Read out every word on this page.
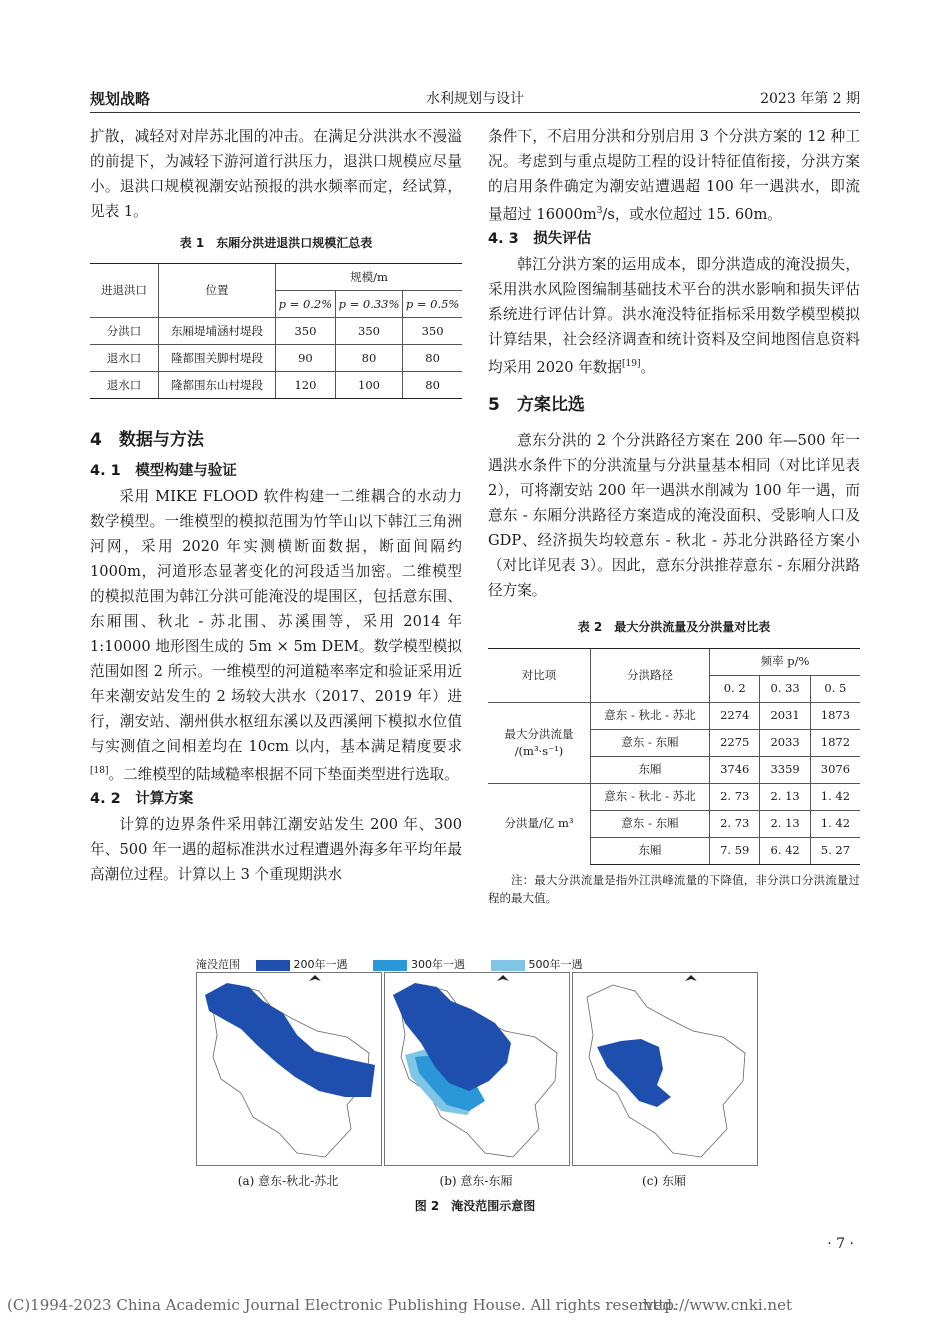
规划战略	水利规划与设计	2023 年第 2 期

扩散，减轻对对岸苏北围的冲击。在满足分洪洪水不漫溢的前提下，为减轻下游河道行洪压力，退洪口规模应尽量小。退洪口规模视潮安站预报的洪水频率而定，经试算，见表 1。

表 1　东厢分洪进退洪口规模汇总表
进退洪口	位置	规模/m		
		p = 0.2%	p = 0.33%	p = 0.5%
分洪口	东厢堤埔涵村堤段	350	350	350
退水口	隆都围关脚村堤段	90	80	80
退水口	隆都围东山村堤段	120	100	80
4　数据与方法
4. 1　模型构建与验证

采用 MIKE FLOOD 软件构建一二维耦合的水动力数学模型。一维模型的模拟范围为竹竿山以下韩江三角洲河网，采用 2020 年实测横断面数据，断面间隔约 1000m，河道形态显著变化的河段适当加密。二维模型的模拟范围为韩江分洪可能淹没的堤围区，包括意东围、东厢围、秋北 - 苏北围、苏溪围等，采用 2014 年 1:10000 地形图生成的 5m × 5m DEM。数学模型模拟范围如图 2 所示。一维模型的河道糙率率定和验证采用近年来潮安站发生的 2 场较大洪水（2017、2019 年）进行，潮安站、潮州供水枢纽东溪以及西溪闸下模拟水位值与实测值之间相差均在 10cm 以内，基本满足精度要求[18]。二维模型的陆域糙率根据不同下垫面类型进行选取。

4. 2　计算方案

计算的边界条件采用韩江潮安站发生 200 年、300 年、500 年一遇的超标准洪水过程遭遇外海多年平均年最高潮位过程。计算以上 3 个重现期洪水

条件下，不启用分洪和分别启用 3 个分洪方案的 12 种工况。考虑到与重点堤防工程的设计特征值衔接，分洪方案的启用条件确定为潮安站遭遇超 100 年一遇洪水，即流量超过 $16000m^3/s$，或水位超过 15. 60m。

4. 3　损失评估

韩江分洪方案的运用成本，即分洪造成的淹没损失，采用洪水风险图编制基础技术平台的洪水影响和损失评估系统进行评估计算。洪水淹没特征指标采用数学模型模拟计算结果，社会经济调查和统计资料及空间地图信息资料均采用 2020 年数据[19]。

5　方案比选

意东分洪的 2 个分洪路径方案在 200 年—500 年一遇洪水条件下的分洪流量与分洪量基本相同（对比详见表 2），可将潮安站 200 年一遇洪水削减为 100 年一遇，而意东 - 东厢分洪路径方案造成的淹没面积、受影响人口及 GDP、经济损失均较意东 - 秋北 - 苏北分洪路径方案小（对比详见表 3）。因此，意东分洪推荐意东 - 东厢分洪路径方案。

表 2　最大分洪流量及分洪量对比表
对比项	分洪路径	频率 p/%		
		0. 2	0. 33	0. 5
最大分洪流量
/(m³·s⁻¹)	意东 - 秋北 - 苏北	2274	2031	1873
	意东 - 东厢	2275	2033	1872
	东厢	3746	3359	3076
分洪量/亿 m³	意东 - 秋北 - 苏北	2. 73	2. 13	1. 42
	意东 - 东厢	2. 73	2. 13	1. 42
	东厢	7. 59	6. 42	5. 27
注：最大分洪流量是指外江洪峰流量的下降值，非分洪口分洪流量过程的最大值。
淹没范围	200年一遇	300年一遇	500年一遇
(a) 意东-秋北-苏北	(b) 意东-东厢	(c) 东厢
图 2　淹没范围示意图
· 7 ·
(C)1994-2023 China Academic Journal Electronic Publishing House. All rights reserved.
http://www.cnki.net
